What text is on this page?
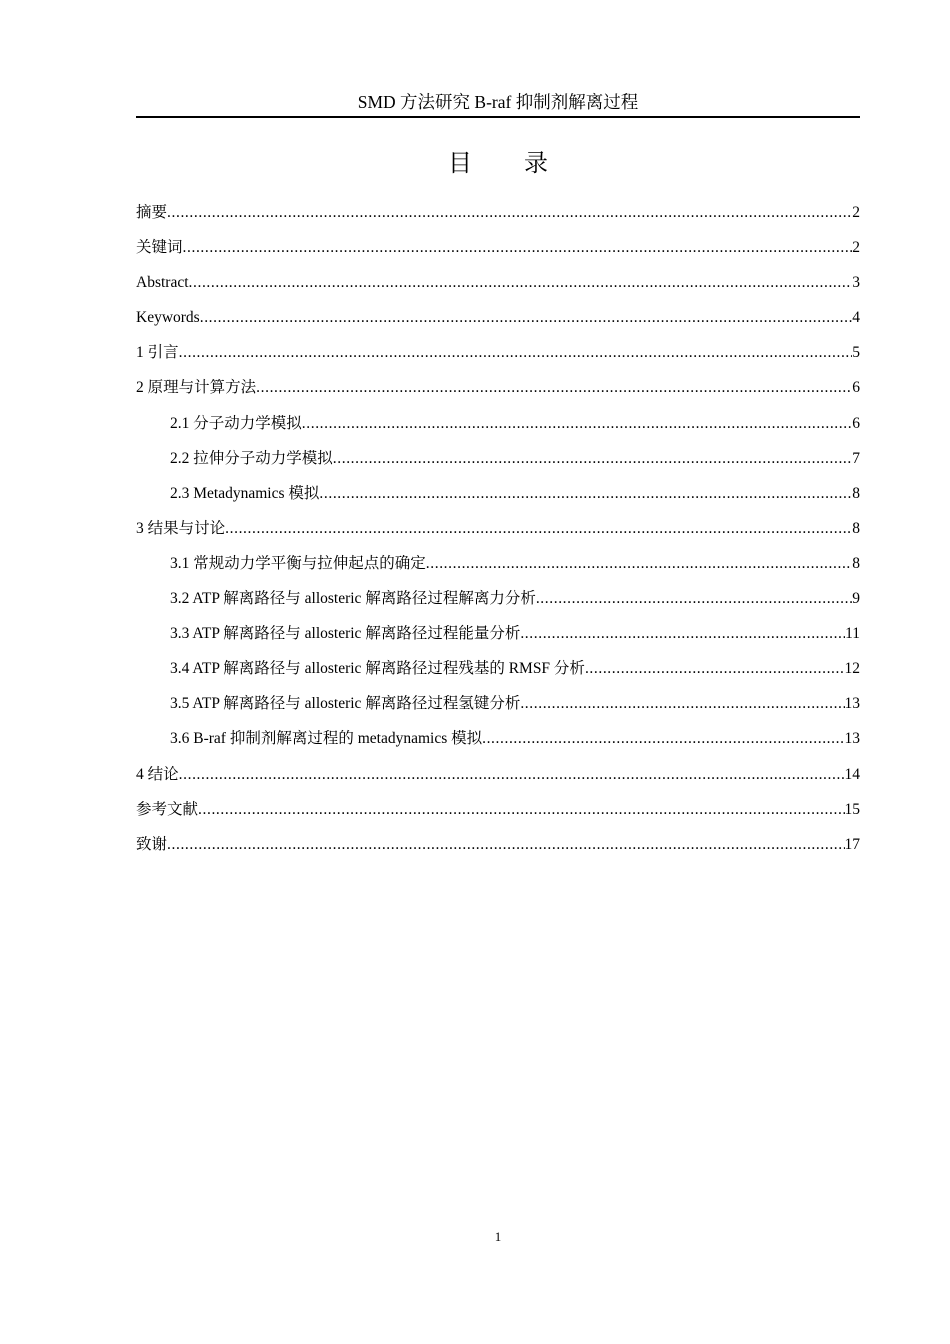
SMD 方法研究 B-raf 抑制剂解离过程
目 录
摘要 .....	2
关键词 .....	2
Abstract .....	3
Keywords .....	4
1 引言 .....	5
2 原理与计算方法 .....	6
2.1 分子动力学模拟 .....	6
2.2 拉伸分子动力学模拟 .....	7
2.3 Metadynamics 模拟 .....	8
3 结果与讨论 .....	8
3.1 常规动力学平衡与拉伸起点的确定 .....	8
3.2 ATP 解离路径与 allosteric 解离路径过程解离力分析 .....	9
3.3 ATP 解离路径与 allosteric 解离路径过程能量分析 .....	11
3.4 ATP 解离路径与 allosteric 解离路径过程残基的 RMSF 分析 .....	12
3.5 ATP 解离路径与 allosteric 解离路径过程氢键分析 .....	13
3.6 B-raf 抑制剂解离过程的 metadynamics 模拟 .....	13
4 结论 .....	14
参考文献 .....	15
致谢 .....	17
1
